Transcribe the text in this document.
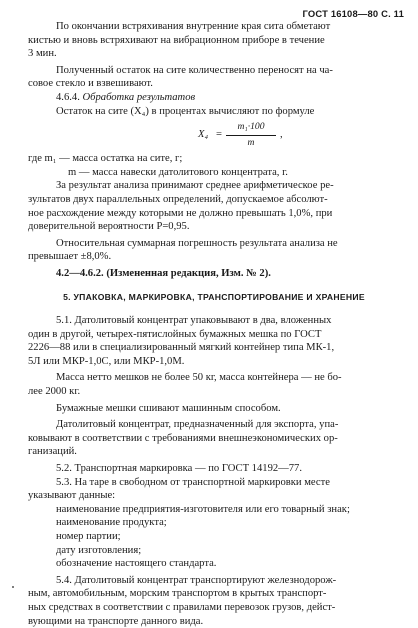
ГОСТ 16108—80 С. 11

По окончании встряхивания внутренние края сита обметают
кистью и вновь встряхивают на вибрационном приборе в течение
3 мин.

Полученный остаток на сите количественно переносят на ча-
совое стекло и взвешивают.

4.6.4. Обработка результатов

Остаток на сите (X₄) в процентах вычисляют по формуле

$X_4 = \frac{\text{m₁·100}}{m}$ ,

где m₁ — масса остатка на сите, г;

m — масса навески датолитового концентрата, г.

За результат анализа принимают среднее арифметическое ре-
зультатов двух параллельных определений, допускаемое абсолют-
ное расхождение между которыми не должно превышать 1,0%, при
доверительной вероятности P=0,95.

Относительная суммарная погрешность результата анализа не
превышает ±8,0%.

4.2—4.6.2. (Измененная редакция, Изм. № 2).

5. УПАКОВКА, МАРКИРОВКА, ТРАНСПОРТИРОВАНИЕ И ХРАНЕНИЕ

5.1. Датолитовый концентрат упаковывают в два, вложенных
один в другой, четырех-пятислойных бумажных мешка по ГОСТ
2226—88 или в специализированный мягкий контейнер типа МК-1,
5Л или МКР-1,0С, или МКР-1,0М.

Масса нетто мешков не более 50 кг, масса контейнера — не бо-
лее 2000 кг.

Бумажные мешки сшивают машинным способом.

Датолитовый концентрат, предназначенный для экспорта, упа-
ковывают в соответствии с требованиями внешнеэкономических ор-
ганизаций.

5.2. Транспортная маркировка — по ГОСТ 14192—77.

5.3. На таре в свободном от транспортной маркировки месте
указывают данные:

наименование предприятия-изготовителя или его товарный знак;

наименование продукта;

номер партии;

дату изготовления;

обозначение настоящего стандарта.

5.4. Датолитовый концентрат транспортируют железнодорож-
ным, автомобильным, морским транспортом в крытых транспорт-
ных средствах в соответствии с правилами перевозок грузов, дейст-
вующими на транспорте данного вида.
